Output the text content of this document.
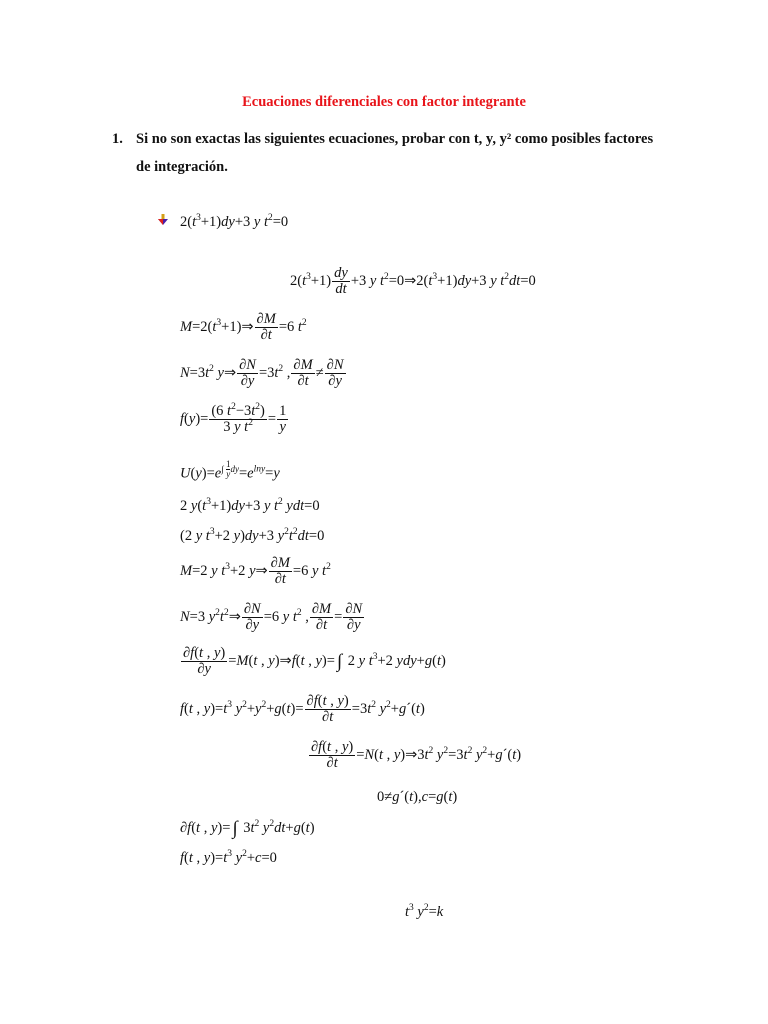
Ecuaciones diferenciales con factor integrante
1. Si no son exactas las siguientes ecuaciones, probar con t, y, y² como posibles factores
de integración.
$2(t^3+1)dy+3$ y $t^2=0$
$2(t^3+1) \frac{dy}{dt} +3$ y $t^2=0\Rightarrow 2(t^3+1)dy+3$ y $t^2dt=0$
$M=2(t^3+1)\Rightarrow \frac{\partial M}{\partial t} =6$ $t^2$
$N=3t^2$ y⇒ $\frac{\partial N}{\partial y} =3t^2$ , $\frac{\partial M}{\partial t} \ne \frac{\partial N}{\partial y}$
$f(y)= \frac{(6 t^2-3t^2)}{3 y t^2} = \frac{1}{y}$
$U(y)=e^{\int \frac{1}{y} dy}=e^{lny}=y$
2 $y(t^3+1)dy+3$ y $t^2$ ydt=0
(2 y $t^3+2$ y)dy+3 $y^2t^2dt=0$
M=2 y $t^3+2$ y⇒ $\frac{\partial M}{\partial t} =6$ y $t^2$
N=3 $y^2t^2\Rightarrow \frac{\partial N}{\partial y} =6$ y $t^2$ , $\frac{\partial M}{\partial t} = \frac{\partial N}{\partial y}$
$\frac{\partial f(t , y)}{\partial y} =M(t$ , y)⇒f(t , y)= ∫ 2 y $t^3+2$ ydy+g(t)
f(t , $y)=t^3$ $y^2+y^2+g(t)= \frac{\partial f(t , y)}{\partial t} =3t^2$ $y^2+g´(t)$
$\frac{\partial f(t , y)}{\partial t} =N(t$ , $y)\Rightarrow 3t^2$ $y^2=3t^2$ $y^2+g´(t)$
0≠g´(t),c=g(t)
∂f(t , y)= ∫ $3t^2$ $y^2dt+g(t)$
f(t , $y)=t^3$ $y^2+c=0$
$t^3$ $y^2=k$
